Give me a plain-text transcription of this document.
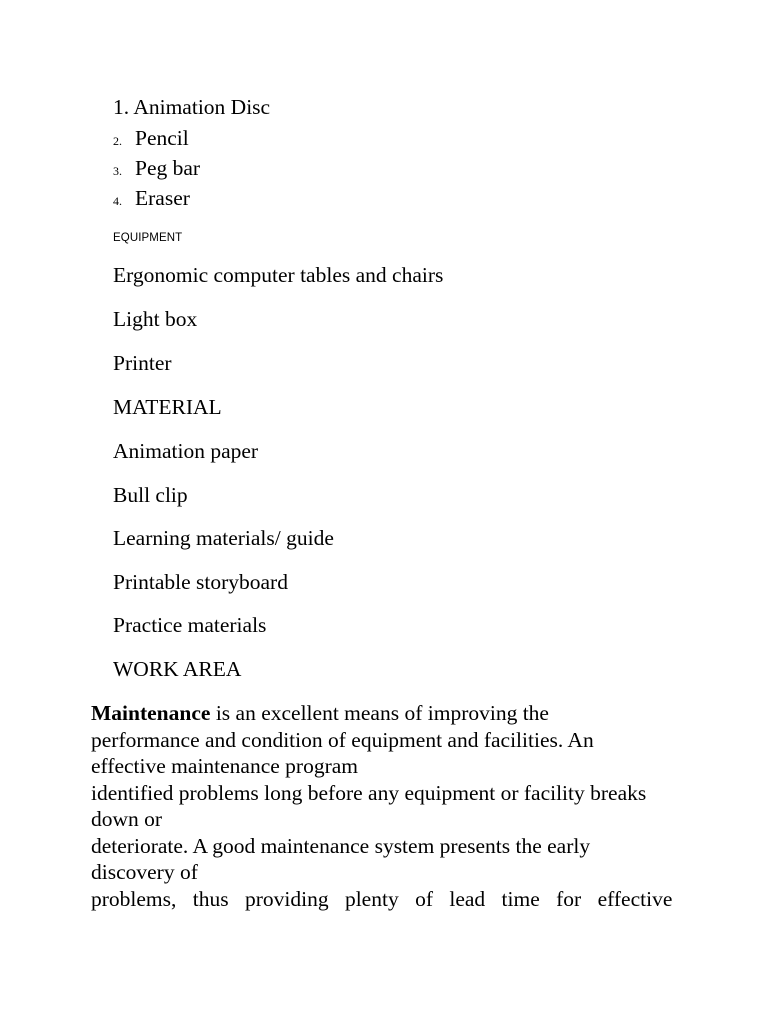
1. Animation Disc
2. Pencil
3. Peg bar
4. Eraser
EQUIPMENT
Ergonomic computer tables and chairs
Light box
Printer
MATERIAL
Animation paper
Bull clip
Learning materials/ guide
Printable storyboard
Practice materials
WORK AREA
Maintenance is an excellent means of improving the
performance and condition of equipment and facilities. An
effective maintenance program
identified problems long before any equipment or facility breaks
down or
deteriorate. A good maintenance system presents the early
discovery of
problems, thus providing plenty of lead time for effective
